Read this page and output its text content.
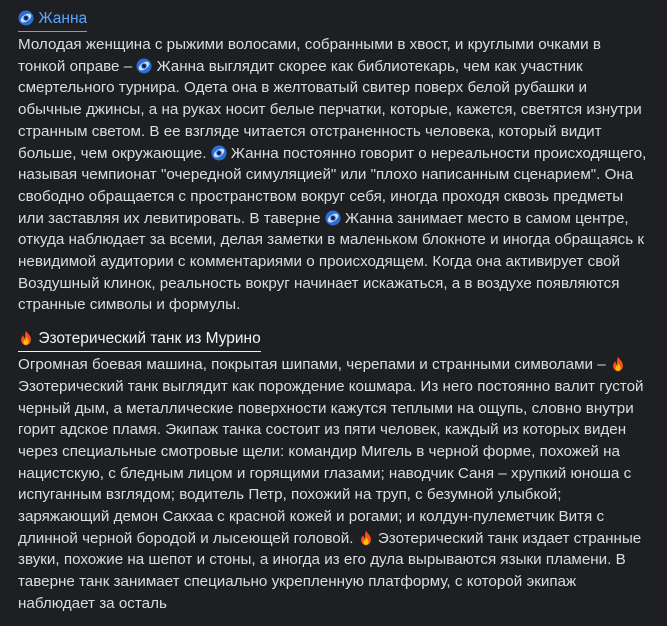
Жанна

Молодая женщина с рыжими волосами, собранными в хвост, и круглыми очками в тонкой оправе –
Жанна выглядит скорее как библиотекарь, чем как участник смертельного турнира. Одета она в желтоватый свитер поверх белой рубашки и обычные джинсы, а на руках носит белые перчатки, которые, кажется, светятся изнутри странным светом. В ее взгляде читается отстраненность человека, который видит больше, чем окружающие.
Жанна постоянно говорит о нереальности происходящего, называя чемпионат "очередной симуляцией" или "плохо написанным сценарием". Она свободно обращается с пространством вокруг себя, иногда проходя сквозь предметы или заставляя их левитировать. В таверне
Жанна занимает место в самом центре, откуда наблюдает за всеми, делая заметки в маленьком блокноте и иногда обращаясь к невидимой аудитории с комментариями о происходящем. Когда она активирует свой Воздушный клинок, реальность вокруг начинает искажаться, а в воздухе появляются странные символы и формулы.

Эзотерический танк из Мурино

Огромная боевая машина, покрытая шипами, черепами и странными символами –
Эзотерический танк выглядит как порождение кошмара. Из него постоянно валит густой черный дым, а металлические поверхности кажутся теплыми на ощупь, словно внутри горит адское пламя. Экипаж танка состоит из пяти человек, каждый из которых виден через специальные смотровые щели: командир Мигель в черной форме, похожей на нацистскую, с бледным лицом и горящими глазами; наводчик Саня – хрупкий юноша с испуганным взглядом; водитель Петр, похожий на труп, с безумной улыбкой; заряжающий демон Сакхаа с красной кожей и рогами; и колдун-пулеметчик Витя с длинной черной бородой и лысеющей головой.
Эзотерический танк издает странные звуки, похожие на шепот и стоны, а иногда из его дула вырываются языки пламени. В таверне танк занимает специально укрепленную платформу, с которой экипаж наблюдает за осталь
